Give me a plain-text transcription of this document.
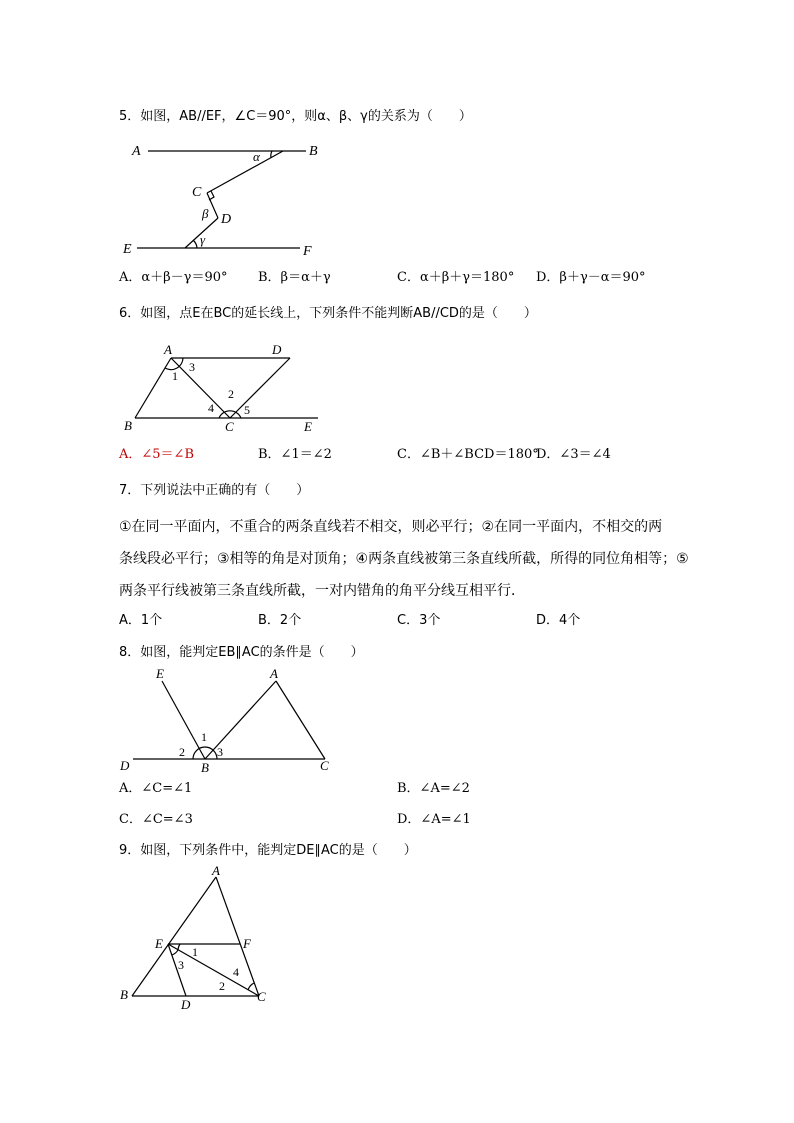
5．如图，AB//EF，∠C＝90°，则α、β、γ的关系为（　　）
A	B
C
D
E	F
α
β
γ
A．α＋β－γ＝90° B．β＝α＋γ	C．α＋β＋γ＝180° D．β＋γ－α＝90°
6．如图，点E在BC的延长线上，下列条件不能判断AB//CD的是（　　）
A	D
B	C	E
1
3
2
4	5
A．∠5＝∠B	B．∠1＝∠2	C．∠B＋∠BCD＝180°
D．∠3＝∠4
7．下列说法中正确的有（　　）
①在同一平面内，不重合的两条直线若不相交，则必平行；②在同一平面内，不相交的两
条线段必平行；③相等的角是对顶角；④两条直线被第三条直线所截，所得的同位角相等；⑤
两条平行线被第三条直线所截，一对内错角的角平分线互相平行．
A．1个	B．2个	C．3个	D．4个
8．如图，能判定EB∥AC的条件是（　　）
E	A
D	B	C
1
2	3
A．∠C=∠1	B．∠A=∠2
C．∠C=∠3	D．∠A=∠1
9．如图，下列条件中，能判定DE∥AC的是（　　）
A
E	F
B
D
C
1
3
2
4
